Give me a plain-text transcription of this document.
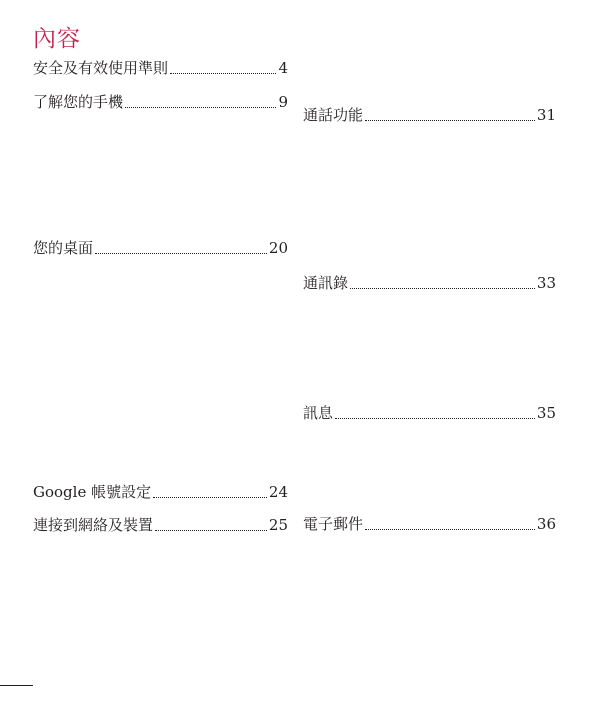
內容
安全及有效使用準則	4
了解您的手機	9
您的桌面	20
Google 帳號設定	24
連接到網絡及裝置	25
通話功能	31
通訊錄	33
訊息	35
電子郵件	36
